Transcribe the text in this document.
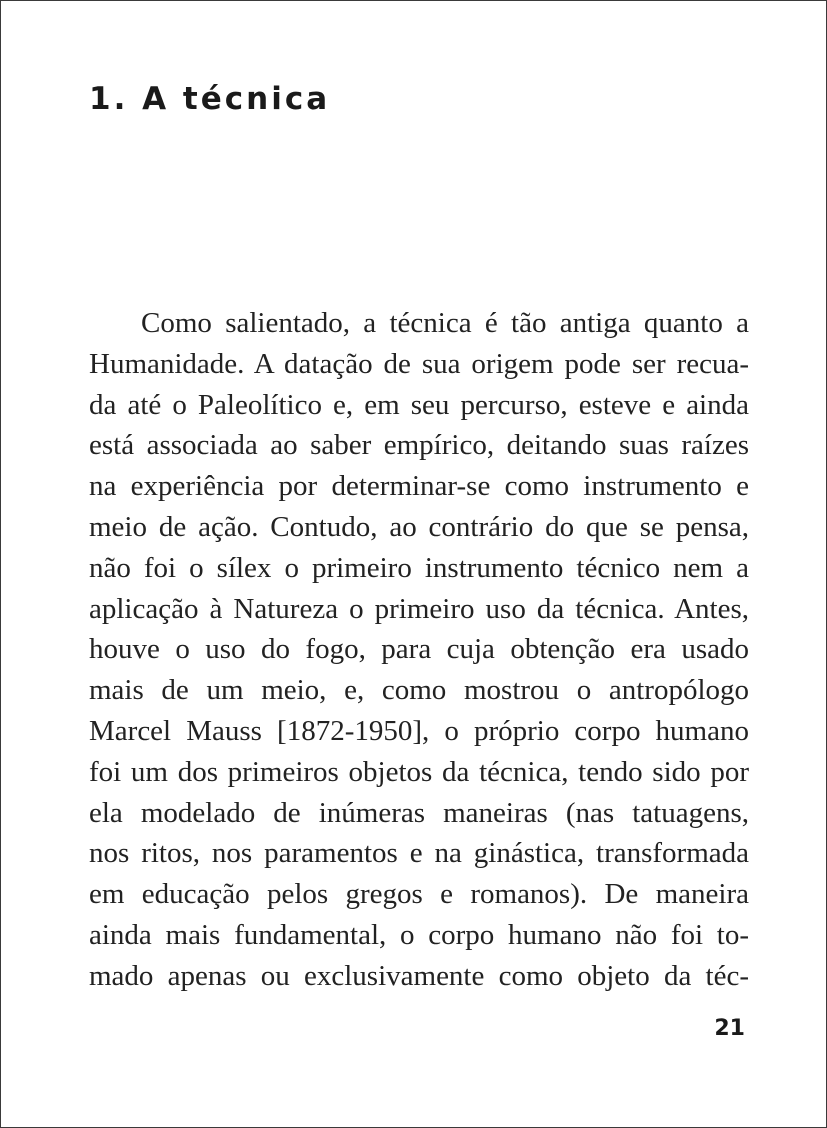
1. A técnica
Como salientado, a técnica é tão antiga quanto a
Humanidade. A datação de sua origem pode ser recua-
da até o Paleolítico e, em seu percurso, esteve e ainda
está associada ao saber empírico, deitando suas raízes
na experiência por determinar-se como instrumento e
meio de ação. Contudo, ao contrário do que se pensa,
não foi o sílex o primeiro instrumento técnico nem a
aplicação à Natureza o primeiro uso da técnica. Antes,
houve o uso do fogo, para cuja obtenção era usado
mais de um meio, e, como mostrou o antropólogo
Marcel Mauss [1872-1950], o próprio corpo humano
foi um dos primeiros objetos da técnica, tendo sido por
ela modelado de inúmeras maneiras (nas tatuagens,
nos ritos, nos paramentos e na ginástica, transformada
em educação pelos gregos e romanos). De maneira
ainda mais fundamental, o corpo humano não foi to-
mado apenas ou exclusivamente como objeto da téc-
21
